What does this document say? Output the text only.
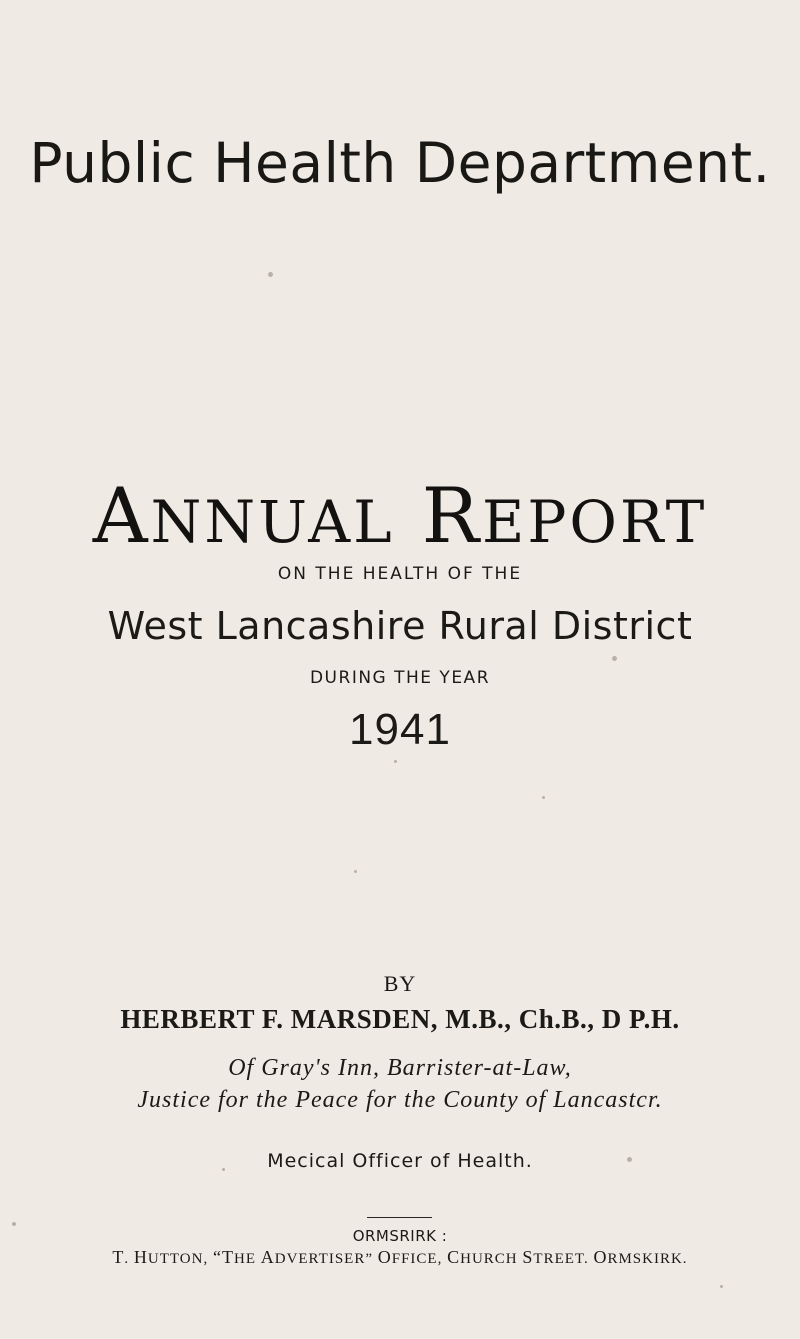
Public Health Department.
ANNUAL REPORT
ON THE HEALTH OF THE
West Lancashire Rural District
DURING THE YEAR
1941
BY
HERBERT F. MARSDEN, M.B., Ch.B., D P.H.
Of Gray's Inn, Barrister-at-Law,
Justice for the Peace for the County of Lancastcr.
Mecical Officer of Health.
ORMSRIRK :
T. HUTTON, “THE ADVERTISER” OFFICE, CHURCH STREET. ORMSKIRK.
